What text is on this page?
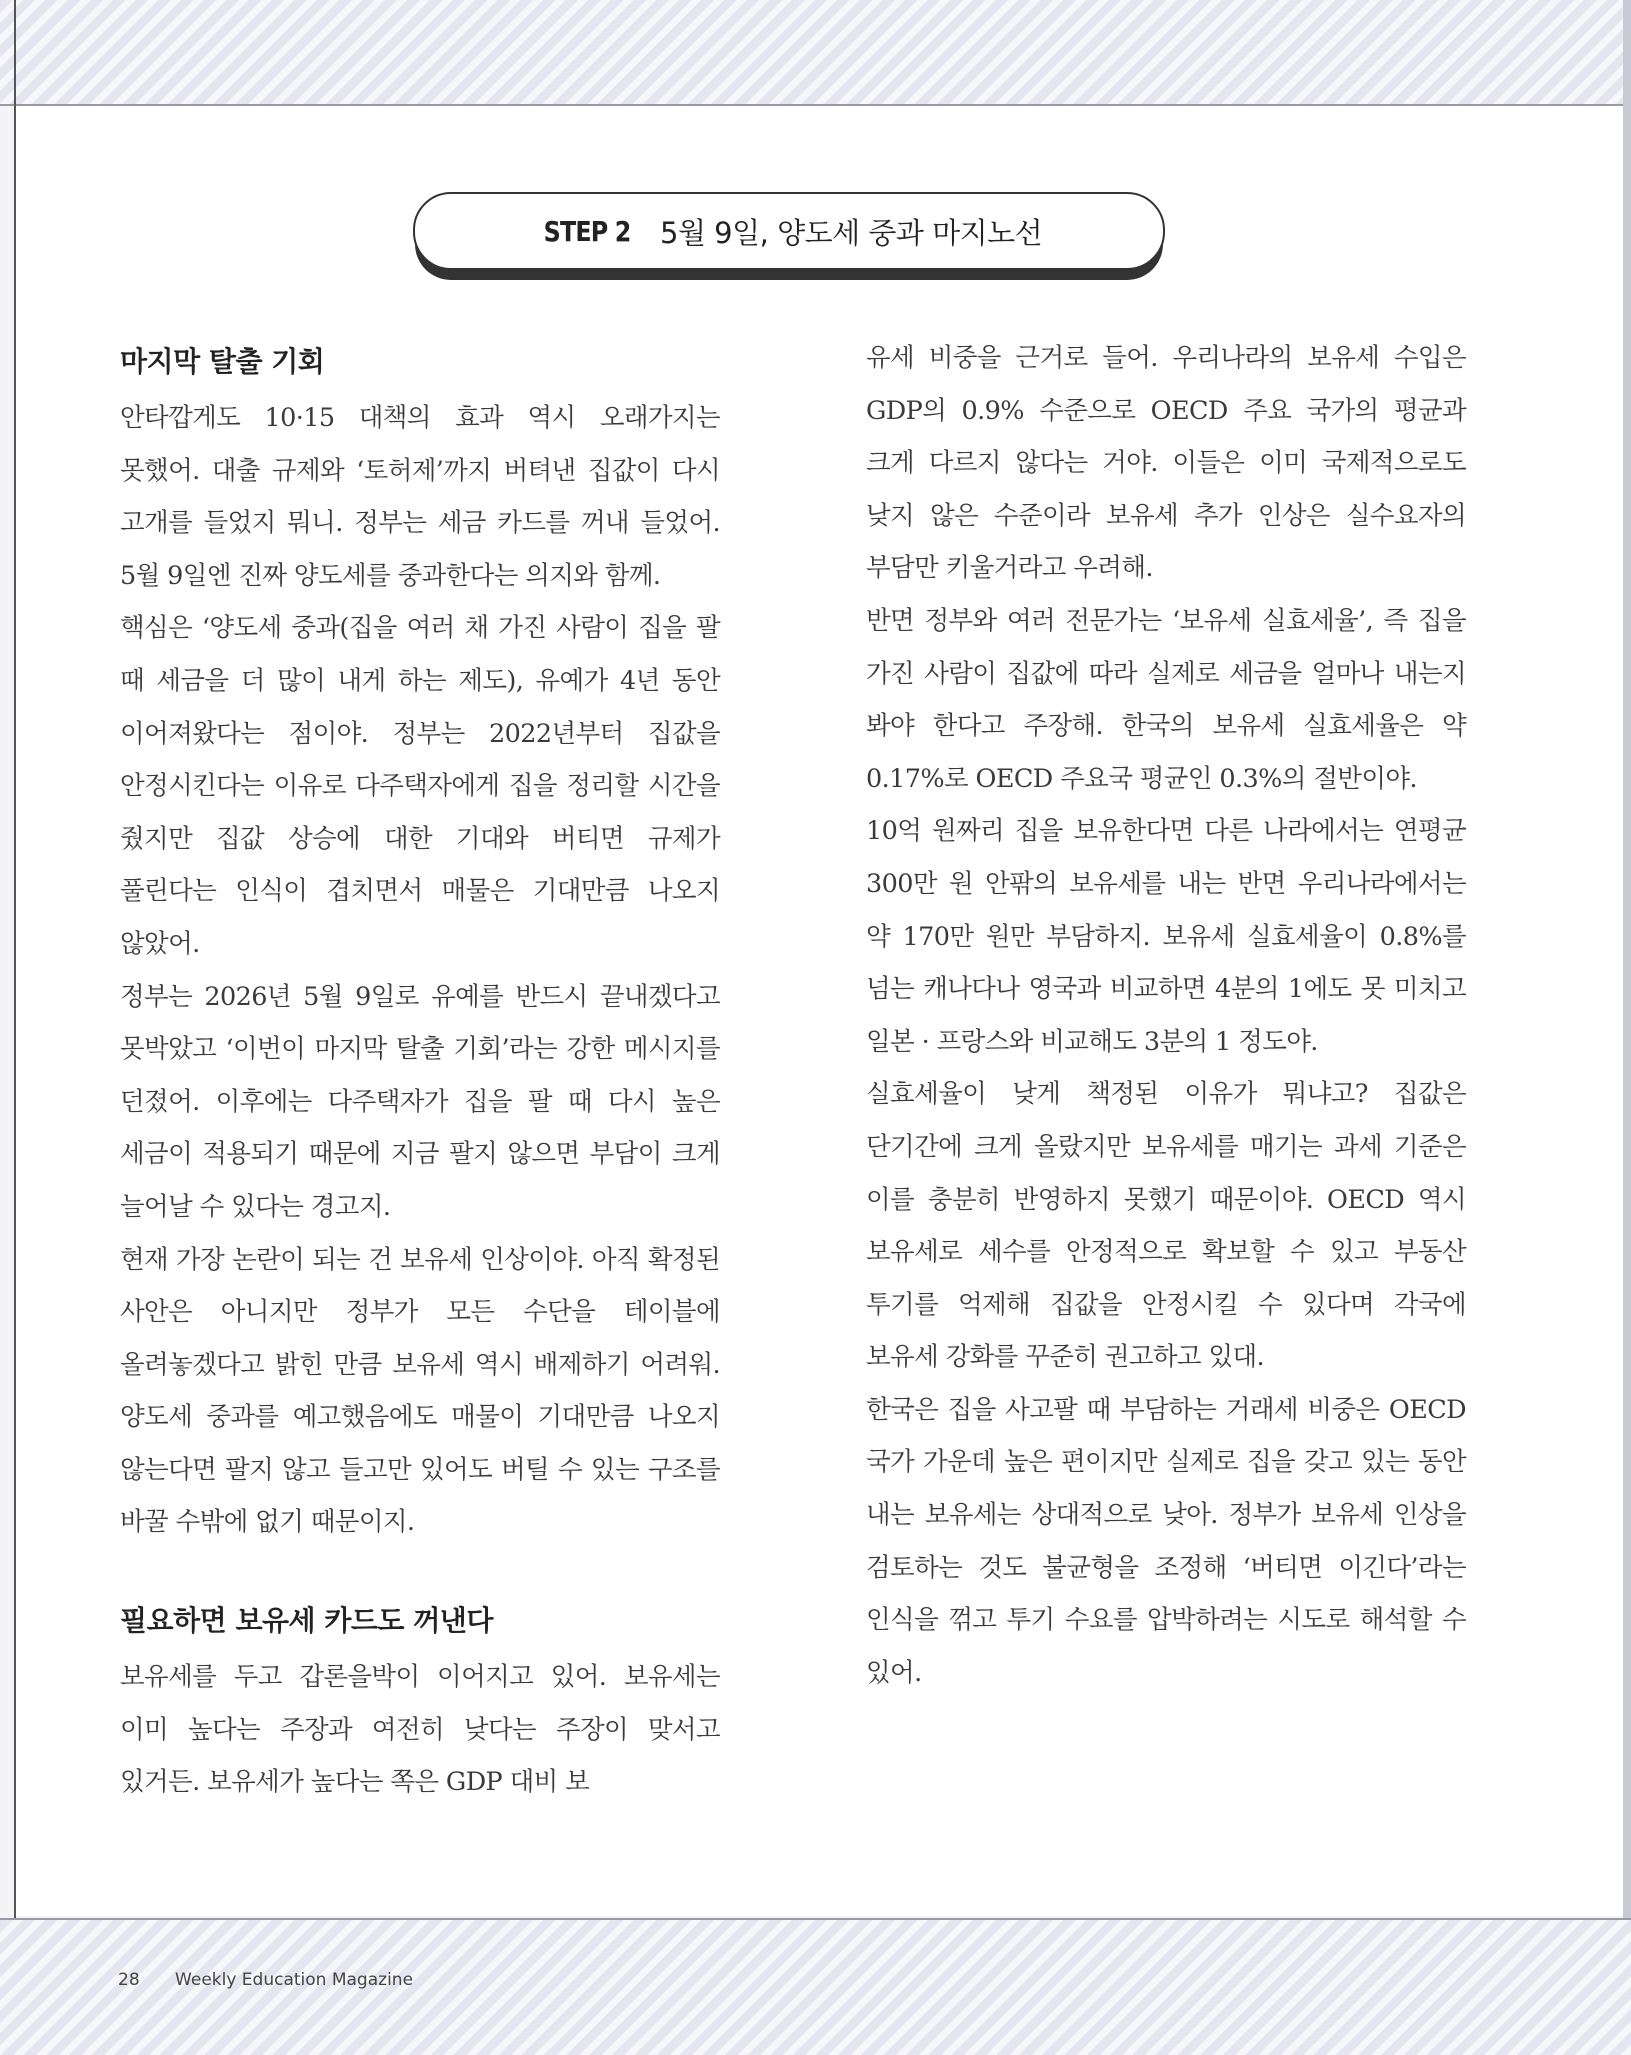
STEP 2 5월 9일, 양도세 중과 마지노선
마지막 탈출 기회

안타깝게도 10·15 대책의 효과 역시 오래가지는 못했어. 대출 규제와 ‘토허제’까지 버텨낸 집값이 다시 고개를 들었지 뭐니. 정부는 세금 카드를 꺼내 들었어. 5월 9일엔 진짜 양도세를 중과한다는 의지와 함께.

핵심은 ‘양도세 중과(집을 여러 채 가진 사람이 집을 팔 때 세금을 더 많이 내게 하는 제도), 유예가 4년 동안 이어져왔다는 점이야. 정부는 2022년부터 집값을 안정시킨다는 이유로 다주택자에게 집을 정리할 시간을 줬지만 집값 상승에 대한 기대와 버티면 규제가 풀린다는 인식이 겹치면서 매물은 기대만큼 나오지 않았어.

정부는 2026년 5월 9일로 유예를 반드시 끝내겠다고 못박았고 ‘이번이 마지막 탈출 기회’라는 강한 메시지를 던졌어. 이후에는 다주택자가 집을 팔 때 다시 높은 세금이 적용되기 때문에 지금 팔지 않으면 부담이 크게 늘어날 수 있다는 경고지.

현재 가장 논란이 되는 건 보유세 인상이야. 아직 확정된 사안은 아니지만 정부가 모든 수단을 테이블에 올려놓겠다고 밝힌 만큼 보유세 역시 배제하기 어려워. 양도세 중과를 예고했음에도 매물이 기대만큼 나오지 않는다면 팔지 않고 들고만 있어도 버틸 수 있는 구조를 바꿀 수밖에 없기 때문이지.

필요하면 보유세 카드도 꺼낸다

보유세를 두고 갑론을박이 이어지고 있어. 보유세는 이미 높다는 주장과 여전히 낮다는 주장이 맞서고 있거든. 보유세가 높다는 쪽은 GDP 대비 보

유세 비중을 근거로 들어. 우리나라의 보유세 수입은 GDP의 0.9% 수준으로 OECD 주요 국가의 평균과 크게 다르지 않다는 거야. 이들은 이미 국제적으로도 낮지 않은 수준이라 보유세 추가 인상은 실수요자의 부담만 키울거라고 우려해.

반면 정부와 여러 전문가는 ‘보유세 실효세율’, 즉 집을 가진 사람이 집값에 따라 실제로 세금을 얼마나 내는지 봐야 한다고 주장해. 한국의 보유세 실효세율은 약 0.17%로 OECD 주요국 평균인 0.3%의 절반이야.

10억 원짜리 집을 보유한다면 다른 나라에서는 연평균 300만 원 안팎의 보유세를 내는 반면 우리나라에서는 약 170만 원만 부담하지. 보유세 실효세율이 0.8%를 넘는 캐나다나 영국과 비교하면 4분의 1에도 못 미치고 일본 · 프랑스와 비교해도 3분의 1 정도야.

실효세율이 낮게 책정된 이유가 뭐냐고? 집값은 단기간에 크게 올랐지만 보유세를 매기는 과세 기준은 이를 충분히 반영하지 못했기 때문이야. OECD 역시 보유세로 세수를 안정적으로 확보할 수 있고 부동산 투기를 억제해 집값을 안정시킬 수 있다며 각국에 보유세 강화를 꾸준히 권고하고 있대.

한국은 집을 사고팔 때 부담하는 거래세 비중은 OECD 국가 가운데 높은 편이지만 실제로 집을 갖고 있는 동안 내는 보유세는 상대적으로 낮아. 정부가 보유세 인상을 검토하는 것도 불균형을 조정해 ‘버티면 이긴다’라는 인식을 꺾고 투기 수요를 압박하려는 시도로 해석할 수 있어.

28 Weekly Education Magazine
